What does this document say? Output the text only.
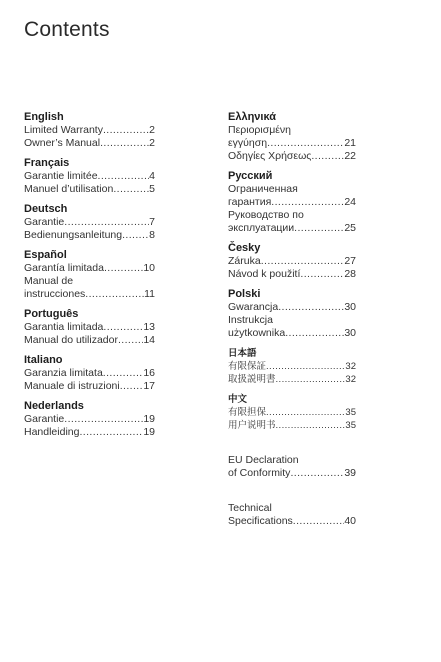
Contents
English
Limited Warranty .....	2
Owner’s Manual .....	2
Français
Garantie limitée .....	4
Manuel d’utilisation .....	5
Deutsch
Garantie .....	7
Bedienungsanleitung .....	8
Español
Garantía limitada .....	10
Manual de
instrucciones .....	11
Português
Garantia limitada .....	13
Manual do utilizador ..... 14
Italiano
Garanzia limitata .....	16
Manuale di istruzioni ..... 17
Nederlands
Garantie .....	19
Handleiding .....	19
Ελληνικά
Περιορισμένη
εγγύηση .....	21
Οδηγίες Χρήσεως .....	22
Русский
Ограниченная
гарантия .....	24
Руководство по
эксплуатации .....	25
Česky
Záruka .....	27
Návod k použití .....	28
Polski
Gwarancja .....	30
Instrukcja
użytkownika .....	30
日本語
有限保証 .....	32
取扱説明書 .....	32
中文
有限担保 .....	35
用户说明书 .....	35
EU Declaration
of Conformity .....	39
Technical
Specifications .....	40
